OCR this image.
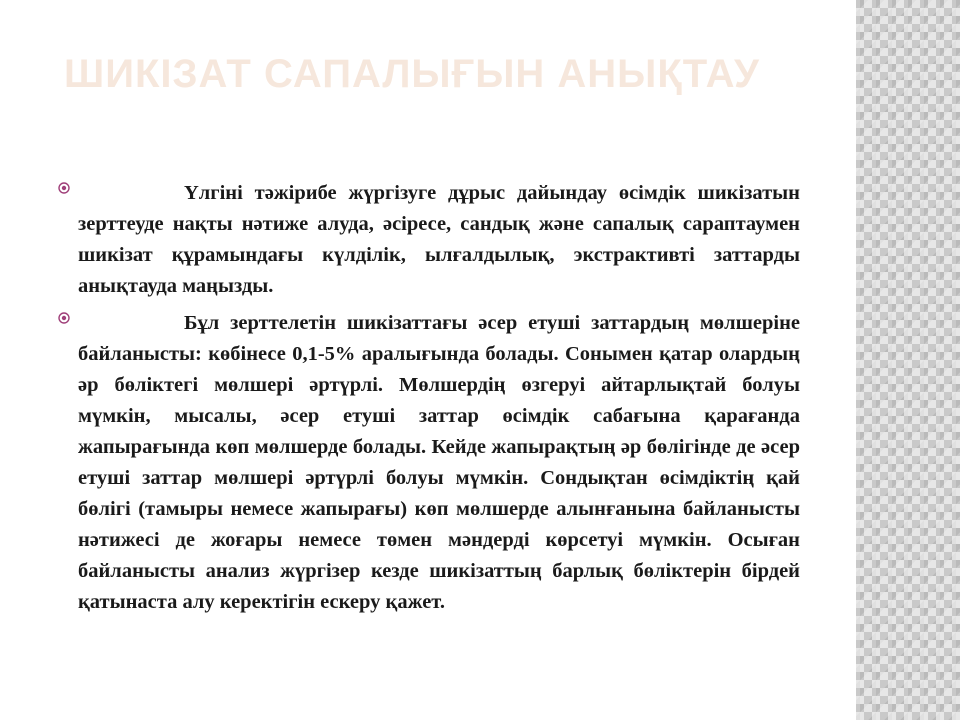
ШИКІЗАТ САПАЛЫҒЫН АНЫҚТАУ

Үлгіні тәжірибе жүргізуге дұрыс дайындау өсімдік шикізатын зерттеуде нақты нәтиже алуда, әсіресе, сандық және сапалық сараптаумен шикізат құрамындағы күлділік, ылғалдылық, экстрактивті заттарды анықтауда маңызды.

Бұл зерттелетін шикізаттағы әсер етуші заттардың мөлшеріне байланысты: көбінесе 0,1-5% аралығында болады. Сонымен қатар олардың әр бөліктегі мөлшері әртүрлі. Мөлшердің өзгеруі айтарлықтай болуы мүмкін, мысалы, әсер етуші заттар өсімдік сабағына қарағанда жапырағында көп мөлшерде болады. Кейде жапырақтың әр бөлігінде де әсер етуші заттар мөлшері әртүрлі болуы мүмкін. Сондықтан өсімдіктің қай бөлігі (тамыры немесе жапырағы) көп мөлшерде алынғанына байланысты нәтижесі де жоғары немесе төмен мәндерді көрсетуі мүмкін. Осыған байланысты анализ жүргізер кезде шикізаттың барлық бөліктерін бірдей қатынаста алу керектігін ескеру қажет.
